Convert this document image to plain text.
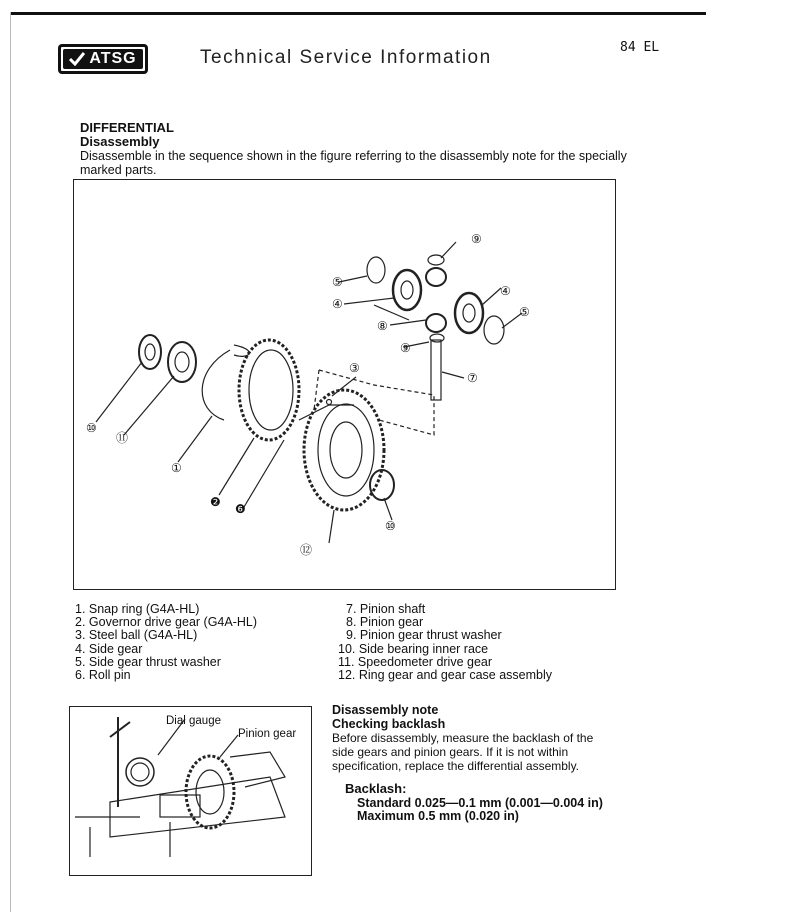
ATSG	Technical Service Information	84 EL
DIFFERENTIAL
Disassembly
Disassemble in the sequence shown in the figure referring to the disassembly note for the specially marked parts.
⑨
⑤
④
⑧
④
⑤
⑨
⑦
③
⑩
⑪
①
❷ ❻
⑩
⑫
1. Snap ring (G4A-HL)
2. Governor drive gear (G4A-HL)
3. Steel ball (G4A-HL)
4. Side gear
5. Side gear thrust washer
6. Roll pin
7. Pinion shaft
8. Pinion gear
9. Pinion gear thrust washer
10. Side bearing inner race
11. Speedometer drive gear
12. Ring gear and gear case assembly
Dial gauge
Pinion gear
Disassembly note
Checking backlash
Before disassembly, measure the backlash of the side gears and pinion gears. If it is not within specification, replace the differential assembly.
Backlash:
Standard 0.025—0.1 mm (0.001—0.004 in)
Maximum 0.5 mm (0.020 in)
